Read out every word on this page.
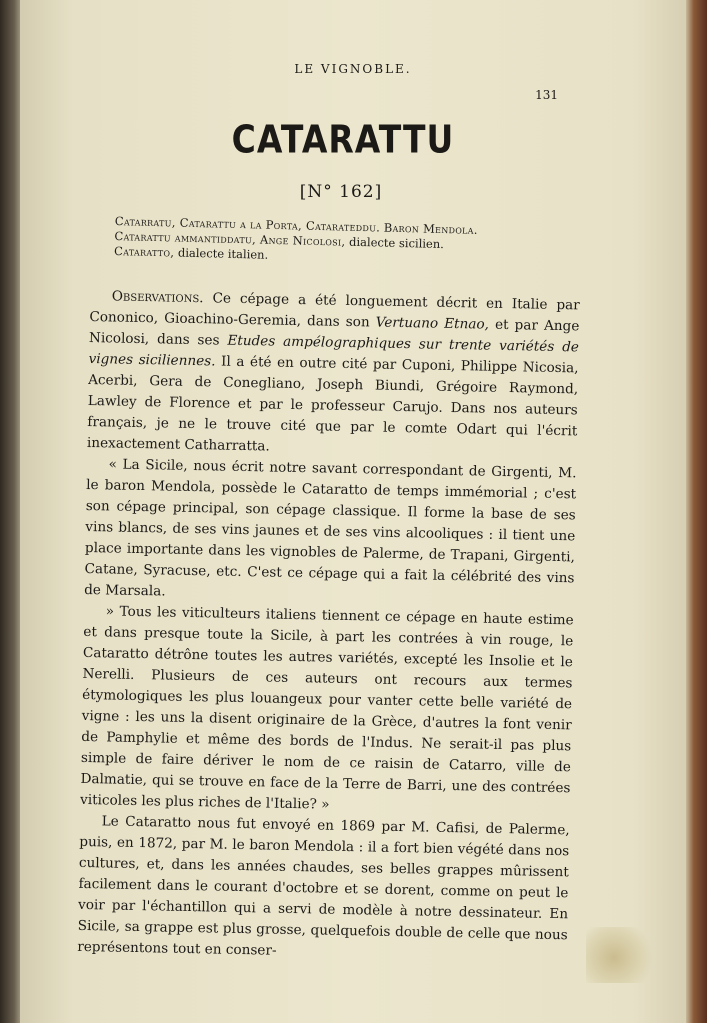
LE VIGNOBLE.
131
CATARATTU
[N° 162]
Catarratu, Catarattu a la Porta, Catarateddu. Baron Mendola.
Catarattu ammantiddatu, Ange Nicolosi, dialecte sicilien.
Cataratto, dialecte italien.

Observations. Ce cépage a été longuement décrit en Italie par Cononico, Gioachino-Geremia, dans son Vertuano Etnao, et par Ange Nicolosi, dans ses Etudes ampélographiques sur trente variétés de vignes siciliennes. Il a été en outre cité par Cuponi, Philippe Nicosia, Acerbi, Gera de Conegliano, Joseph Biundi, Grégoire Raymond, Lawley de Florence et par le professeur Carujo. Dans nos auteurs français, je ne le trouve cité que par le comte Odart qui l'écrit inexactement Catharratta.

« La Sicile, nous écrit notre savant correspondant de Girgenti, M. le baron Mendola, possède le Cataratto de temps immémorial ; c'est son cépage principal, son cépage classique. Il forme la base de ses vins blancs, de ses vins jaunes et de ses vins alcooliques : il tient une place importante dans les vignobles de Palerme, de Trapani, Girgenti, Catane, Syracuse, etc. C'est ce cépage qui a fait la célébrité des vins de Marsala.

» Tous les viticulteurs italiens tiennent ce cépage en haute estime et dans presque toute la Sicile, à part les contrées à vin rouge, le Cataratto détrône toutes les autres variétés, excepté les Insolie et le Nerelli. Plusieurs de ces auteurs ont recours aux termes étymologiques les plus louangeux pour vanter cette belle variété de vigne : les uns la disent originaire de la Grèce, d'autres la font venir de Pamphylie et même des bords de l'Indus. Ne serait-il pas plus simple de faire dériver le nom de ce raisin de Catarro, ville de Dalmatie, qui se trouve en face de la Terre de Barri, une des contrées viticoles les plus riches de l'Italie? »

Le Cataratto nous fut envoyé en 1869 par M. Cafisi, de Palerme, puis, en 1872, par M. le baron Mendola : il a fort bien végété dans nos cultures, et, dans les années chaudes, ses belles grappes mûrissent facilement dans le courant d'octobre et se dorent, comme on peut le voir par l'échantillon qui a servi de modèle à notre dessinateur. En Sicile, sa grappe est plus grosse, quelquefois double de celle que nous représentons tout en conser-
